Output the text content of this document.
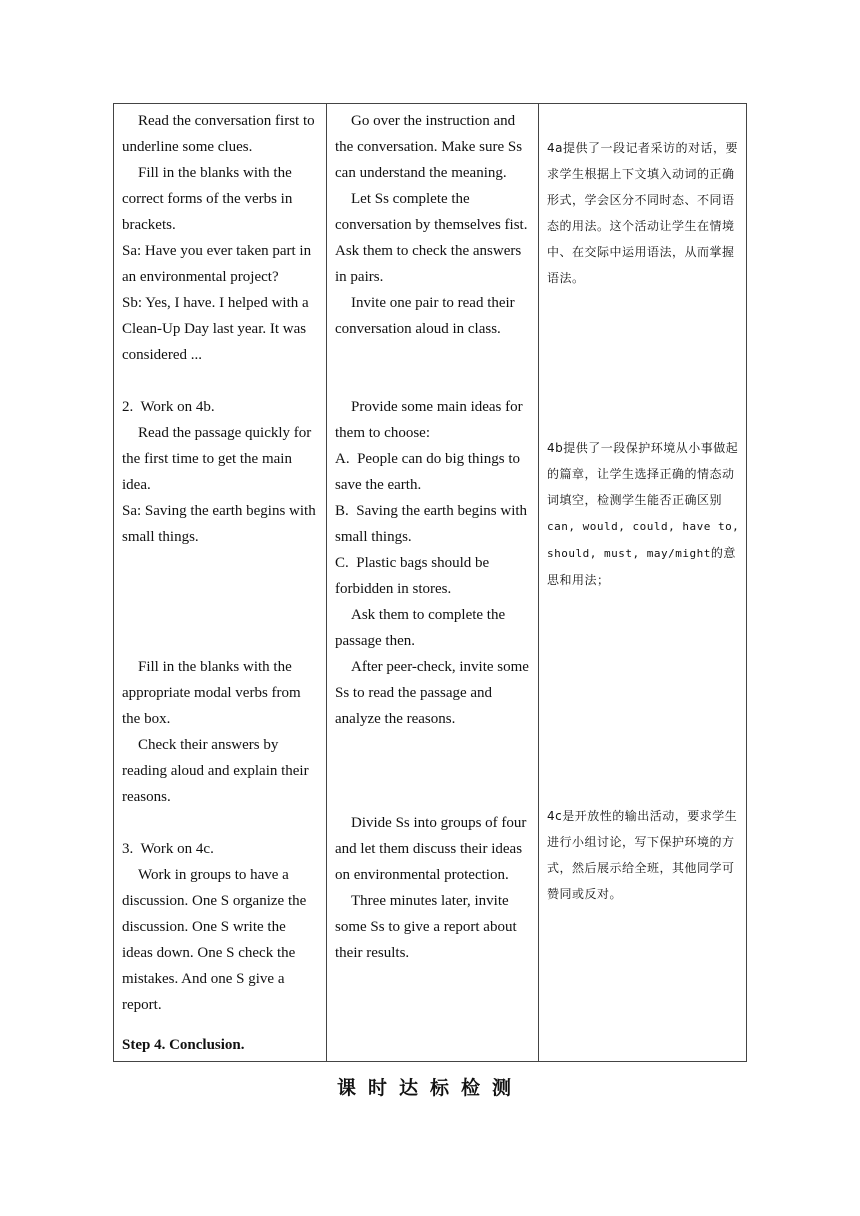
Read the conversation first to underline some clues.
Fill in the blanks with the correct forms of the verbs in brackets.
Sa: Have you ever taken part in an environmental project?
Sb: Yes, I have. I helped with a Clean-Up Day last year. It was considered ...
2.  Work on 4b.
Read the passage quickly for the first time to get the main idea.
Sa: Saving the earth begins with small things.
Fill in the blanks with the appropriate modal verbs from the box.
Check their answers by reading aloud and explain their reasons.
3.  Work on 4c.
Work in groups to have a discussion. One S organize the discussion. One S write the ideas down. One S check the mistakes. And one S give a report.
Step 4. Conclusion.

Go over the instruction and the conversation. Make sure Ss can understand the meaning.
Let Ss complete the conversation by themselves fist. Ask them to check the answers in pairs.
Invite one pair to read their conversation aloud in class.
Provide some main ideas for them to choose:
A.  People can do big things to save the earth.
B.  Saving the earth begins with small things.
C.  Plastic bags should be forbidden in stores.
Ask them to complete the passage then.
After peer-check, invite some Ss to read the passage and analyze the reasons.
Divide Ss into groups of four and let them discuss their ideas on environmental protection.
Three minutes later, invite some Ss to give a report about their results.

4a提供了一段记者采访的对话，要求学生根据上下文填入动词的正确形式，学会区分不同时态、不同语态的用法。这个活动让学生在情境中、在交际中运用语法，从而掌握语法。
4b提供了一段保护环境从小事做起的篇章，让学生选择正确的情态动词填空，检测学生能否正确区别can, would, could, have to, should, must, may/might的意思和用法；
4c是开放性的输出活动，要求学生进行小组讨论，写下保护环境的方式，然后展示给全班，其他同学可赞同或反对。
课时达标检测
